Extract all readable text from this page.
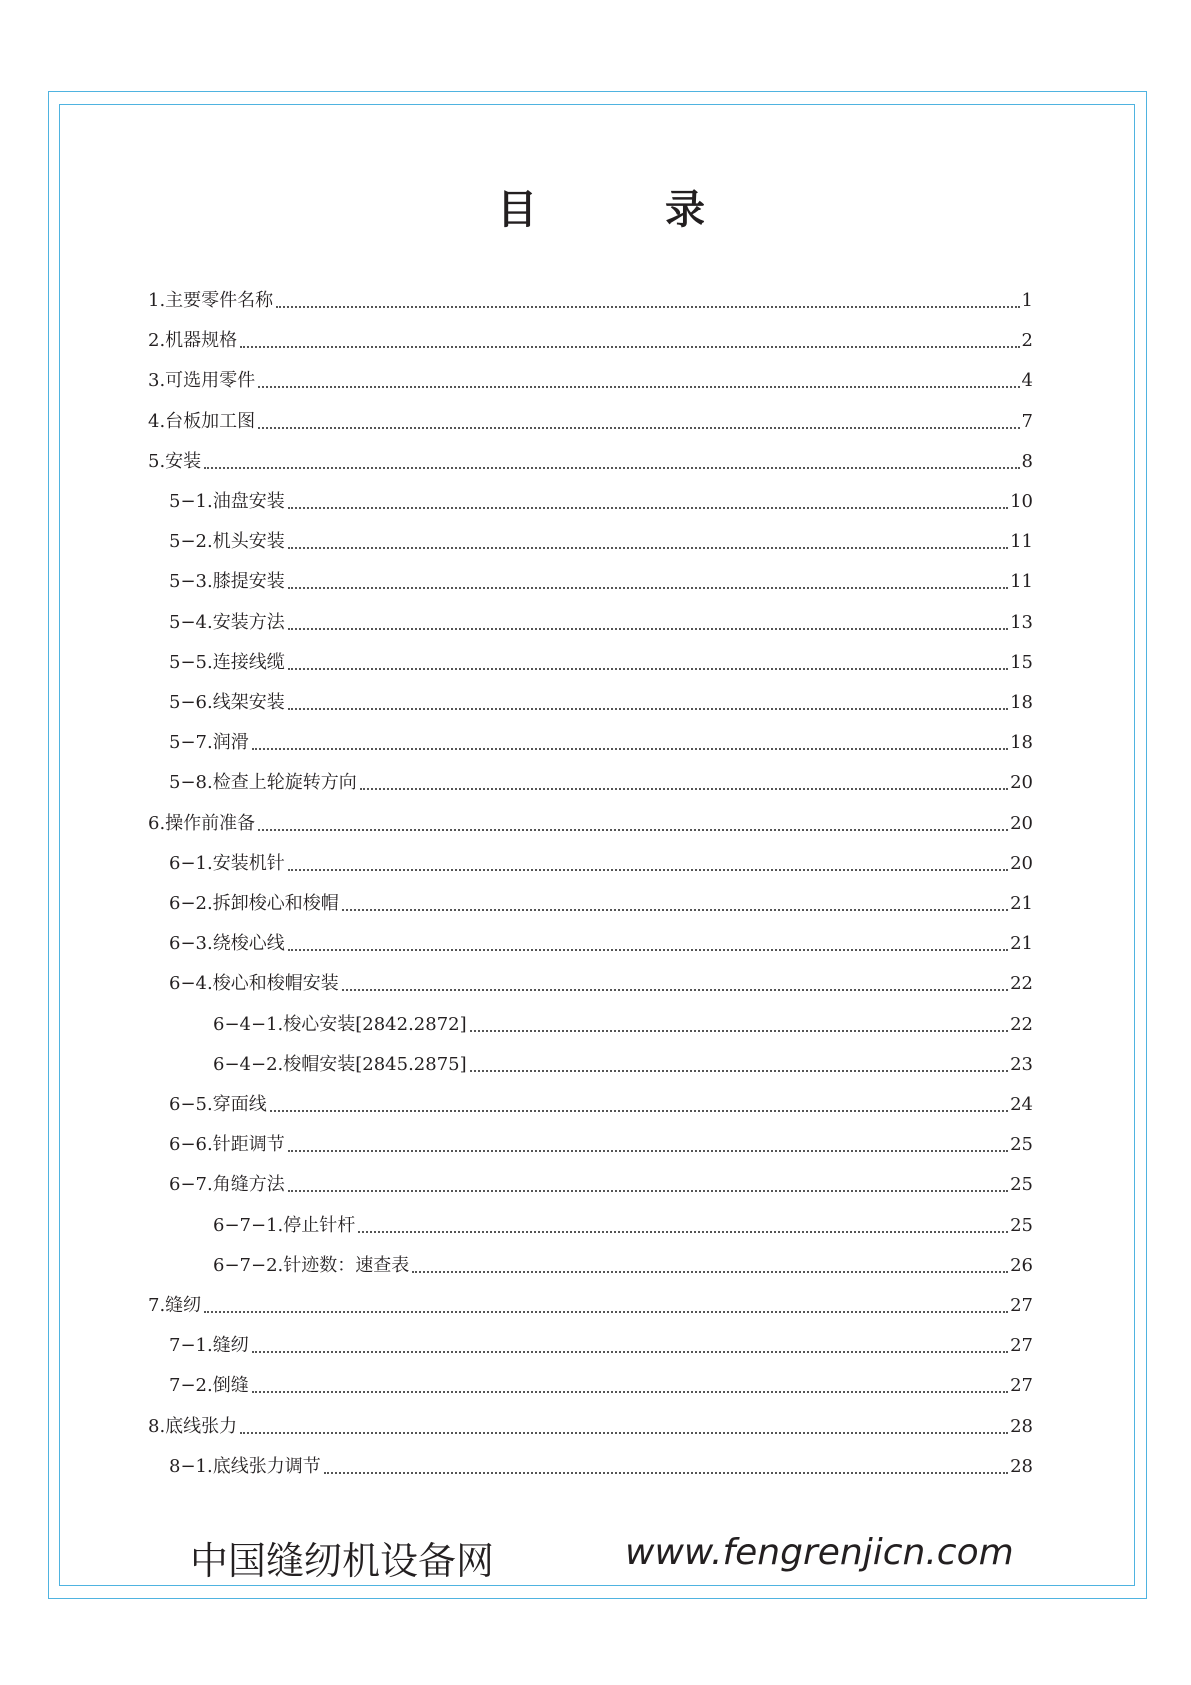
目	录
1.主要零件名称	1
2.机器规格	2
3.可选用零件	4
4.台板加工图	7
5.安装	8
5−1.油盘安装	10
5−2.机头安装	11
5−3.膝提安装	11
5−4.安装方法	13
5−5.连接线缆	15
5−6.线架安装	18
5−7.润滑	18
5−8.检查上轮旋转方向	20
6.操作前准备	20
6−1.安装机针	20
6−2.拆卸梭心和梭帽	21
6−3.绕梭心线	21
6−4.梭心和梭帽安装	22
6−4−1.梭心安装[2842.2872]	22
6−4−2.梭帽安装[2845.2875]	23
6−5.穿面线	24
6−6.针距调节	25
6−7.角缝方法	25
6−7−1.停止针杆	25
6−7−2.针迹数：速查表	26
7.缝纫	27
7−1.缝纫	27
7−2.倒缝	27
8.底线张力	28
8−1.底线张力调节	28
中国缝纫机设备网	www.fengrenjicn.com
